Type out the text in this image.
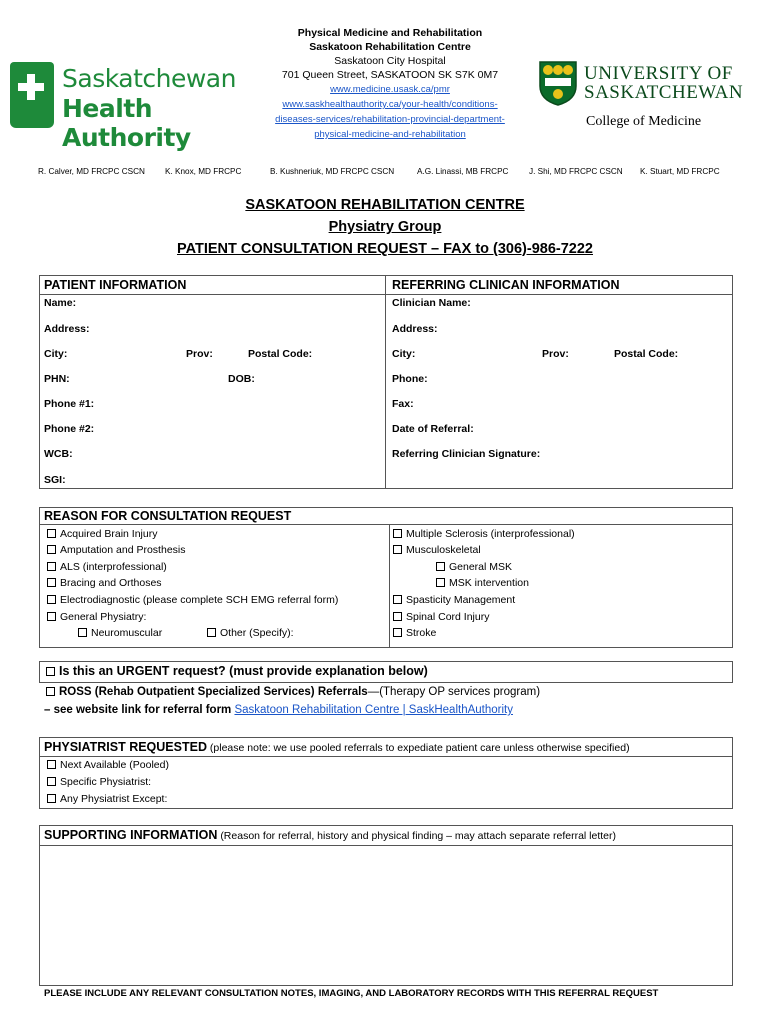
Physical Medicine and Rehabilitation
Saskatoon Rehabilitation Centre
Saskatoon City Hospital
701 Queen Street, SASKATOON SK S7K 0M7
www.medicine.usask.ca/pmr
www.saskhealthauthority.ca/your-health/conditions-
diseases-services/rehabilitation-provincial-department-
physical-medicine-and-rehabilitation
Saskatchewan
Health Authority
UNIVERSITY OF
SASKATCHEWAN
College of Medicine
R. Calver, MD FRCPC CSCN K. Knox, MD FRCPC	B. Kushneriuk, MD FRCPC CSCN	A.G. Linassi, MB FRCPC	J. Shi, MD FRCPC CSCN K. Stuart, MD FRCPC
SASKATOON REHABILITATION CENTRE
Physiatry Group
PATIENT CONSULTATION REQUEST – FAX to (306)-986-7222
PATIENT INFORMATION	REFERRING CLINICAN INFORMATION
Name:
Address:
City:	Prov:	Postal Code:
PHN:	DOB:
Phone #1:
Phone #2:
WCB:
SGI:
Clinician Name:
Address:
City:	Prov:	Postal Code:
Phone:
Fax:
Date of Referral:
Referring Clinician Signature:
REASON FOR CONSULTATION REQUEST
Acquired Brain Injury
Amputation and Prosthesis
ALS (interprofessional)
Bracing and Orthoses
Electrodiagnostic (please complete SCH EMG referral form)
General Physiatry:
Neuromuscular	Other (Specify):
Multiple Sclerosis (interprofessional)
Musculoskeletal
General MSK
MSK intervention
Spasticity Management
Spinal Cord Injury
Stroke
Is this an URGENT request? (must provide explanation below)
ROSS (Rehab Outpatient Specialized Services) Referrals—(Therapy OP services program)
– see website link for referral form Saskatoon Rehabilitation Centre | SaskHealthAuthority
PHYSIATRIST REQUESTED (please note: we use pooled referrals to expediate patient care unless otherwise specified)
Next Available (Pooled)
Specific Physiatrist:
Any Physiatrist Except:
SUPPORTING INFORMATION (Reason for referral, history and physical finding – may attach separate referral letter)
PLEASE INCLUDE ANY RELEVANT CONSULTATION NOTES, IMAGING, AND LABORATORY RECORDS WITH THIS REFERRAL REQUEST
